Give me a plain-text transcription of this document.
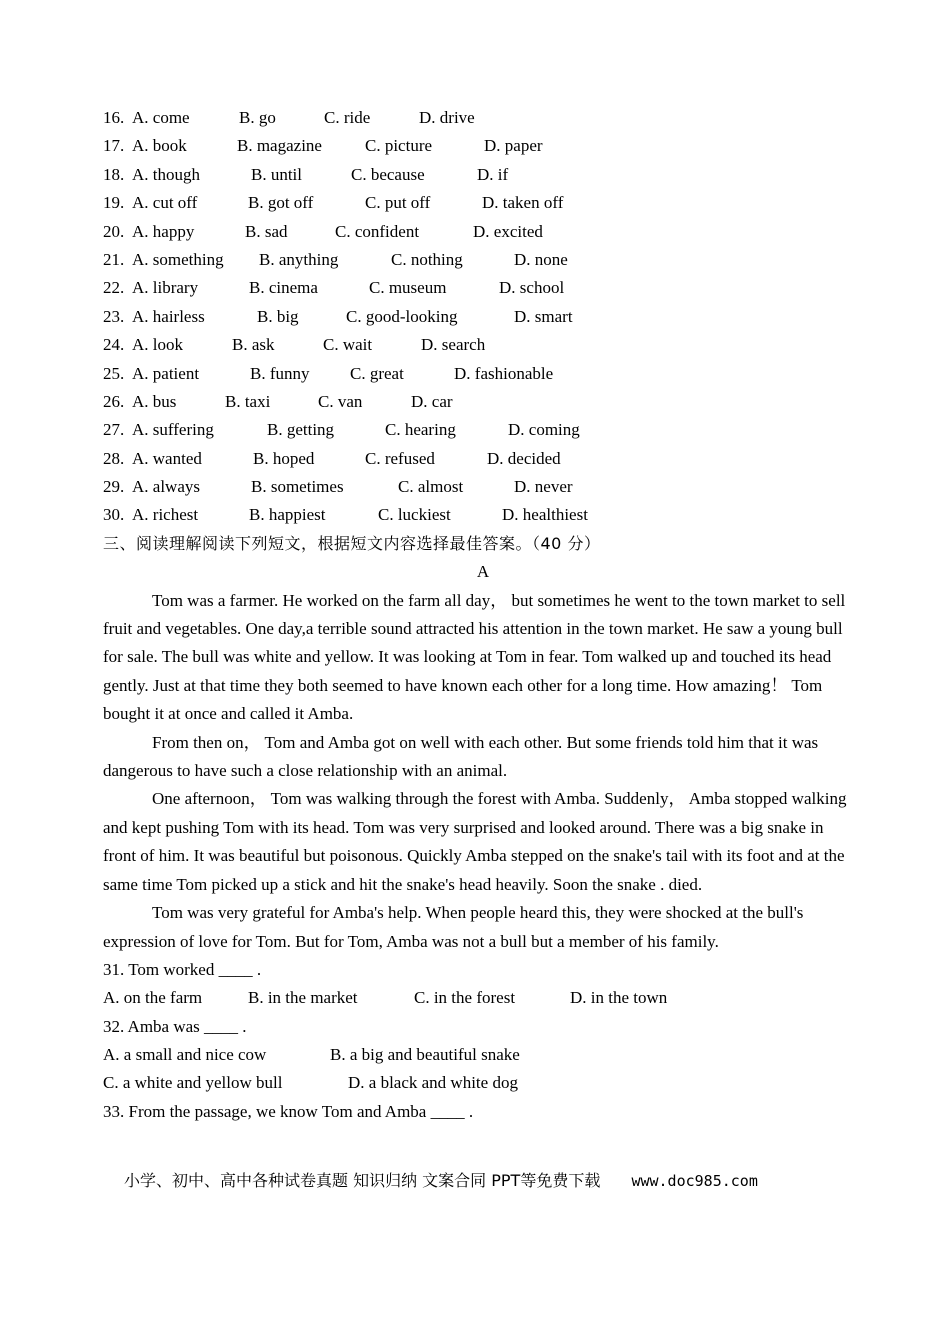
16. A. come	B. go	C. ride	D. drive
17. A. book	B. magazine	C. picture	D. paper
18. A. though	B. until	C. because	D. if
19. A. cut off	B. got off	C. put off	D. taken off
20. A. happy	B. sad	C. confident	D. excited
21. A. something B. anything	C. nothing	D. none
22. A. library	B. cinema	C. museum	D. school
23. A. hairless	B. big	C. good-looking	D. smart
24. A. look	B. ask	C. wait	D. search
25. A. patient	B. funny C. great	D. fashionable
26. A. bus	B. taxi	C. van	D. car
27. A. suffering	B. getting	C. hearing	D. coming
28. A. wanted	B. hoped	C. refused	D. decided
29. A. always	B. sometimes	C. almost	D. never
30. A. richest	B. happiest	C. luckiest	D. healthiest
三、阅读理解阅读下列短文，根据短文内容选择最佳答案。（40 分）
A

Tom was a farmer. He worked on the farm all day， but sometimes he went to the town market to sell fruit and vegetables. One day,a terrible sound attracted his attention in the town market. He saw a young bull for sale. The bull was white and yellow. It was looking at Tom in fear. Tom walked up and touched its head gently. Just at that time they both seemed to have known each other for a long time. How amazing！ Tom bought it at once and called it Amba.

From then on， Tom and Amba got on well with each other. But some friends told him that it was dangerous to have such a close relationship with an animal.

One afternoon， Tom was walking through the forest with Amba. Suddenly， Amba stopped walking and kept pushing Tom with its head. Tom was very surprised and looked around. There was a big snake in front of him. It was beautiful but poisonous. Quickly Amba stepped on the snake's tail with its foot and at the same time Tom picked up a stick and hit the snake's head heavily. Soon the snake . died.

Tom was very grateful for Amba's help. When people heard this, they were shocked at the bull's expression of love for Tom. But for Tom, Amba was not a bull but a member of his family.

31. Tom worked ____ .
A. on the farm	B. in the market	C. in the forest	D. in the town
32. Amba was ____ .
A. a small and nice cow	B. a big and beautiful snake
C. a white and yellow bull	D. a black and white dog
33. From the passage, we know Tom and Amba ____ .
小学、初中、高中各种试卷真题 知识归纳 文案合同 PPT等免费下载 www.doc985.com
